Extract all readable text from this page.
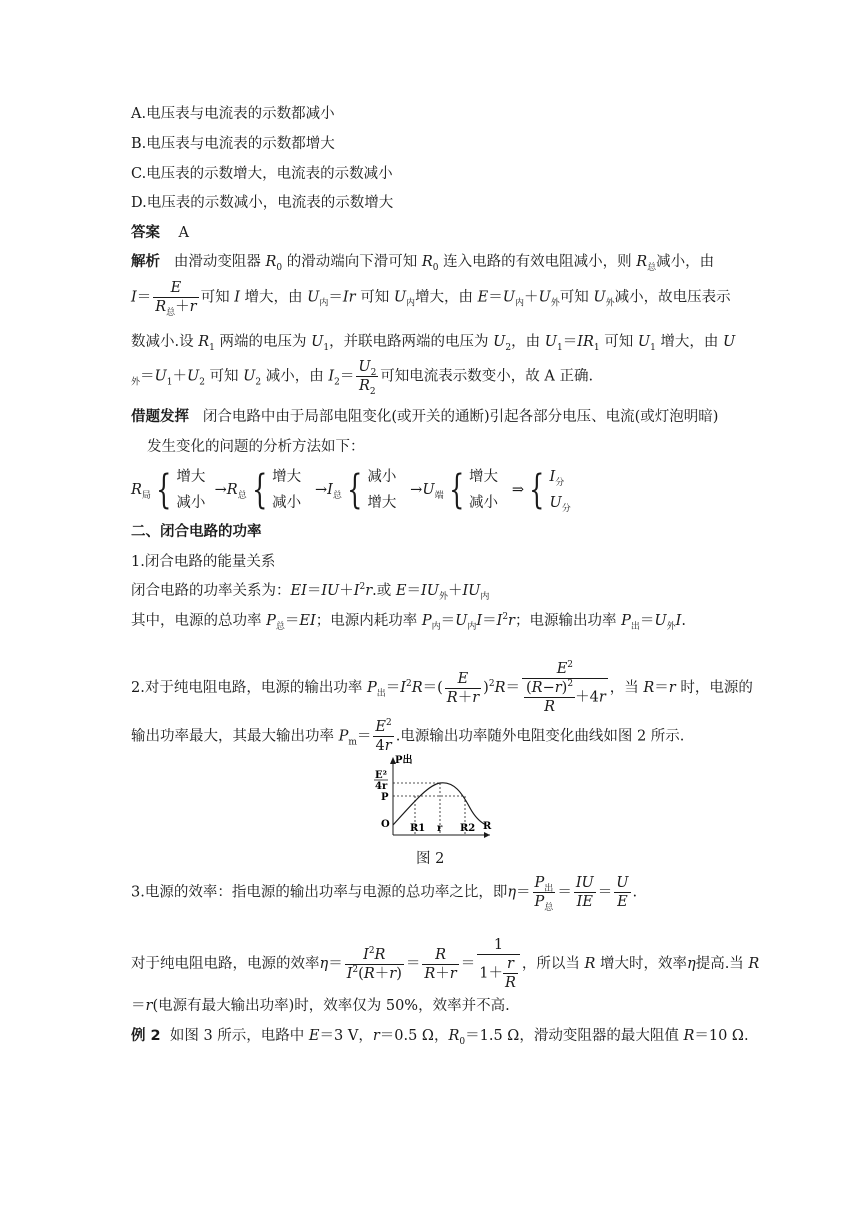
A.电压表与电流表的示数都减小
B.电压表与电流表的示数都增大
C.电压表的示数增大，电流表的示数减小
D.电压表的示数减小，电流表的示数增大
答案 A
解析   由滑动变阻器 $R_0$ 的滑动端向下滑可知 $R_0$ 连入电路的有效电阻减小，则 $R_总$减小，由
$I= \frac{E}{R_总+r}$ 可知 I 增大，由 $U_内=Ir$ 可知 $U_内$增大，由 $E=U_内+U_外$可知 $U_外$减小，故电压表示
数减小.设 $R_1$ 两端的电压为 $U_1$，并联电路两端的电压为 $U_2$，由 $U_1=IR_1$ 可知 $U_1$ 增大，由 U
$_外=U_1+U_2$ 可知 $U_2$ 减小，由 $I_2= \frac{U_2}{R_2}$ 可知电流表示数变小，故 A 正确.
借题发挥 闭合电路中由于局部电阻变化(或开关的通断)引起各部分电压、电流(或灯泡明暗)
发生变化的问题的分析方法如下：
$R_局$ { 增大
减小
$\to R_总$ { 增大
减小
$\to I_总$ { 减小
增大
$\to U_端$ { 增大
减小
⇒ { $I_分$
$U_分$
二、闭合电路的功率
1.闭合电路的能量关系
闭合电路的功率关系为：$EI=IU+I^2r$.或 $E=IU_外+IU_内$
其中，电源的总功率 $P_总=EI$；电源内耗功率 $P_内=U_内I=I^2r$；电源输出功率 $P_出=U_外I$.
2.对于纯电阻电路，电源的输出功率 $P_出=I^2R=( \frac{E}{R+r} )^2R= \frac{E^2}{\frac{(R-r)^2}{R} +4r}$ ，当 R＝r 时，电源的
输出功率最大，其最大输出功率 $P_m= \frac{E^2}{4r}$ .电源输出功率随外电阻变化曲线如图 2 所示.
P出
E²
4r
P
O R1 r R2 R
图 2
3.电源的效率：指电源的输出功率与电源的总功率之比，即$\eta= \frac{P_出}{P_总} = \frac{IU}{IE} = \frac{U}{E}$ .
对于纯电阻电路，电源的效率$\eta= \frac{I^2R}{I^2(R+r)} = \frac{R}{R+r} = \frac{1}{1+ \frac{r}{R}}$ ，所以当 R 增大时，效率η提高.当 R
＝r(电源有最大输出功率)时，效率仅为 50%，效率并不高.
例 2  如图 3 所示，电路中 E＝3 V，r＝0.5 Ω，$R_0=1.5$ Ω，滑动变阻器的最大阻值 R＝10 Ω.
